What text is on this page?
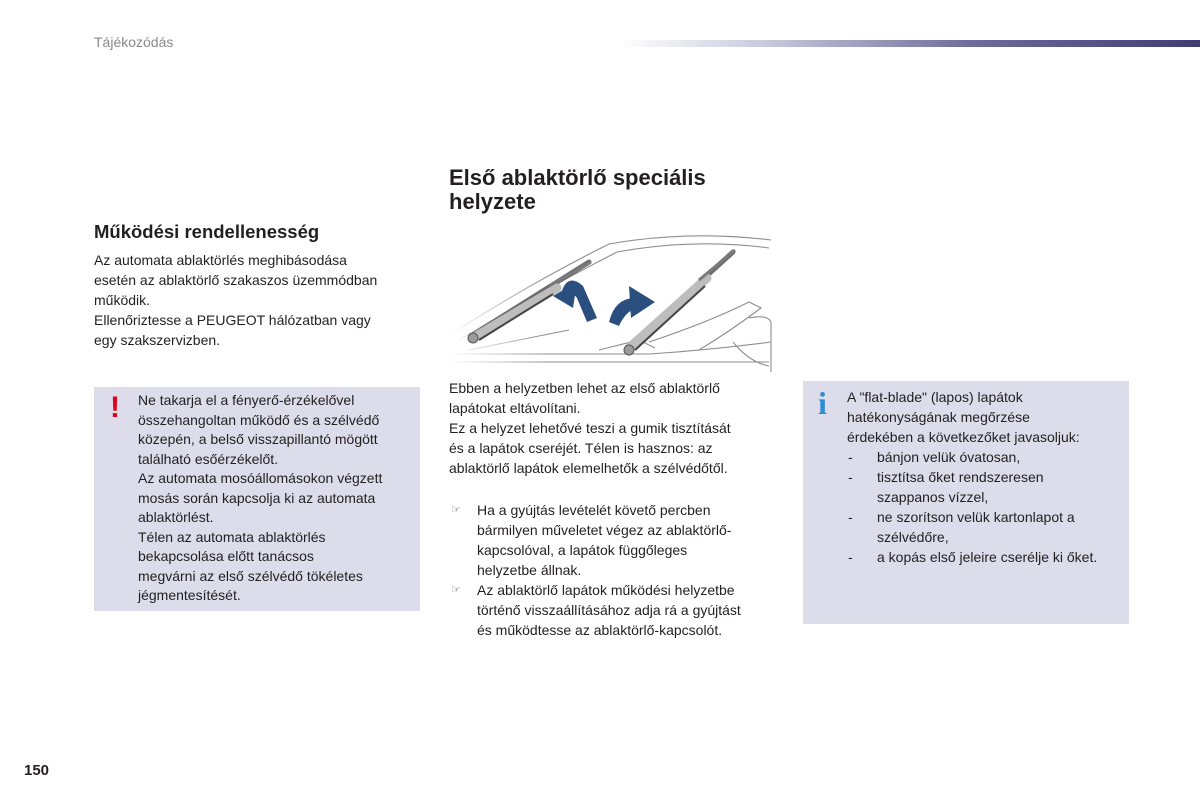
Tájékozódás
Működési rendellenesség
Az automata ablaktörlés meghibásodása
esetén az ablaktörlő szakaszos üzemmódban
működik.
Ellenőriztesse a PEUGEOT hálózatban vagy
egy szakszervizben.
! Ne takarja el a fényerő-érzékelővel
összehangoltan működő és a szélvédő
közepén, a belső visszapillantó mögött
található esőérzékelőt.
Az automata mosóállomásokon végzett
mosás során kapcsolja ki az automata
ablaktörlést.
Télen az automata ablaktörlés
bekapcsolása előtt tanácsos
megvárni az első szélvédő tökéletes
jégmentesítését.
Első ablaktörlő speciális
helyzete
Ebben a helyzetben lehet az első ablaktörlő
lapátokat eltávolítani.
Ez a helyzet lehetővé teszi a gumik tisztítását
és a lapátok cseréjét. Télen is hasznos: az
ablaktörlő lapátok elemelhetők a szélvédőtől.
☞ Ha a gyújtás levételét követő percben
bármilyen műveletet végez az ablaktörlő-
kapcsolóval, a lapátok függőleges
helyzetbe állnak.
☞ Az ablaktörlő lapátok működési helyzetbe
történő visszaállításához adja rá a gyújtást
és működtesse az ablaktörlő-kapcsolót.
i A "flat-blade" (lapos) lapátok
hatékonyságának megőrzése
érdekében a következőket javasoljuk:
- bánjon velük óvatosan,
- tisztítsa őket rendszeresen
szappanos vízzel,
- ne szorítson velük kartonlapot a
szélvédőre,
- a kopás első jeleire cserélje ki őket.
150
